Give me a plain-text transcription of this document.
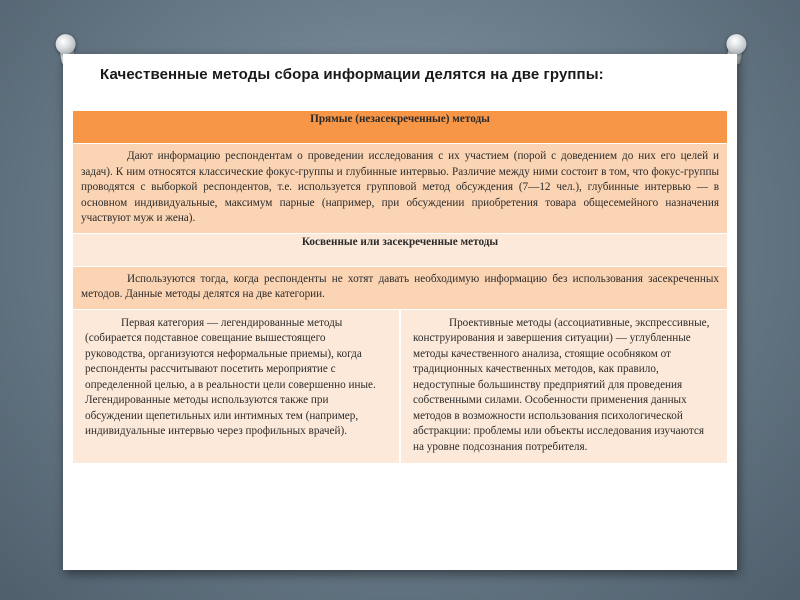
Качественные методы сбора информации делятся на две группы:
Прямые (незасекреченные) методы
Дают информацию респондентам о проведении исследования с их участием (порой с доведением до них его целей и задач). К ним относятся классические фокус-группы и глубинные интервью. Различие между ними состоит в том, что фокус-группы проводятся с выборкой респондентов, т.е. используется групповой метод обсуждения (7—12 чел.), глубинные интервью — в основном индивидуальные, максимум парные (например, при обсуждении приобретения товара общесемейного назначения участвуют муж и жена).
Косвенные или засекреченные методы
Используются тогда, когда респонденты не хотят давать необходимую информацию без использования засекреченных методов. Данные методы делятся на две категории.
Первая категория — легендированные методы (собирается подставное совещание вышестоящего руководства, организуются неформальные приемы), когда респонденты рассчитывают посетить мероприятие с определенной целью, а в реальности цели совершенно иные. Легендированные методы используются также при обсуждении щепетильных или интимных тем (например, индивидуальные интервью через профильных врачей).	Проективные методы (ассоциативные, экспрессивные, конструирования и завершения ситуации) — углубленные методы качественного анализа, стоящие особняком от традиционных качественных методов, как правило, недоступные большинству предприятий для проведения собственными силами. Особенности применения данных методов в возможности использования психологической абстракции: проблемы или объекты исследования изучаются на уровне подсознания потребителя.
